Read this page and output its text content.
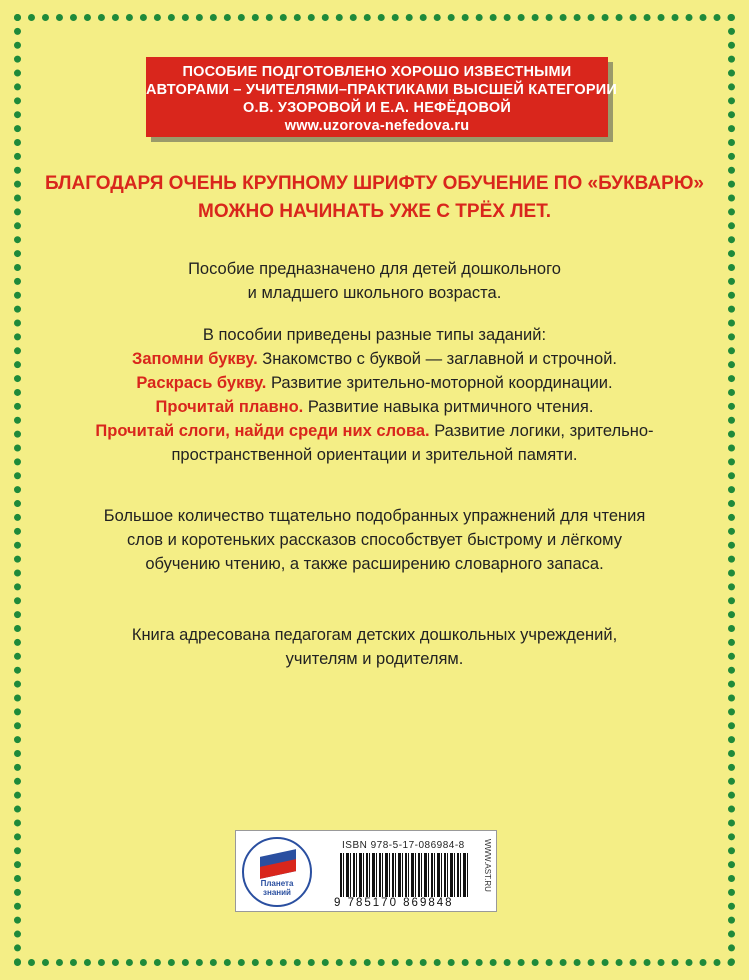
ПОСОБИЕ ПОДГОТОВЛЕНО ХОРОШО ИЗВЕСТНЫМИ
АВТОРАМИ – УЧИТЕЛЯМИ–ПРАКТИКАМИ ВЫСШЕЙ КАТЕГОРИИ
О.В. УЗОРОВОЙ И Е.А. НЕФЁДОВОЙ
www.uzorova-nefedova.ru
БЛАГОДАРЯ ОЧЕНЬ КРУПНОМУ ШРИФТУ ОБУЧЕНИЕ ПО «БУКВАРЮ»
МОЖНО НАЧИНАТЬ УЖЕ С ТРЁХ ЛЕТ.
Пособие предназначено для детей дошкольного
и младшего школьного возраста.
В пособии приведены разные типы заданий:
Запомни букву. Знакомство с буквой — заглавной и строчной.
Раскрась букву. Развитие зрительно-моторной координации.
Прочитай плавно. Развитие навыка ритмичного чтения.
Прочитай слоги, найди среди них слова. Развитие логики, зрительно-
пространственной ориентации и зрительной памяти.
Большое количество тщательно подобранных упражнений для чтения
слов и коротеньких рассказов способствует быстрому и лёгкому
обучению чтению, а также расширению словарного запаса.
Книга адресована педагогам детских дошкольных учреждений,
учителям и родителям.
Планета знаний
ISBN 978-5-17-086984-8
9 785170 869848
WWW.AST.RU
